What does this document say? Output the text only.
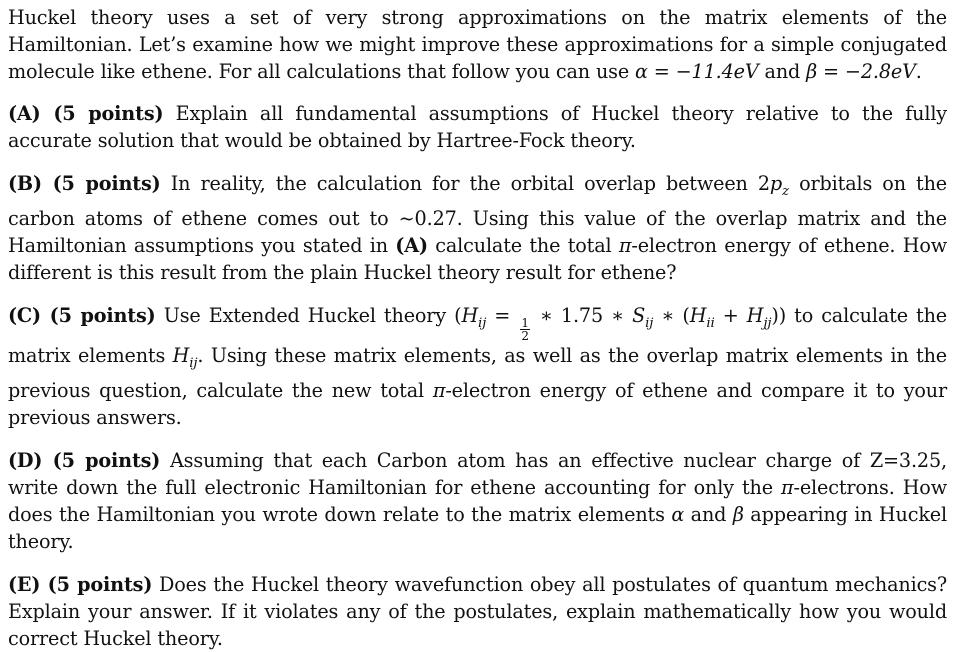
Huckel theory uses a set of very strong approximations on the matrix elements of the Hamiltonian. Let’s examine how we might improve these approximations for a simple conjugated molecule like ethene. For all calculations that follow you can use α = −11.4eV and β = −2.8eV.

(A) (5 points) Explain all fundamental assumptions of Huckel theory relative to the fully accurate solution that would be obtained by Hartree-Fock theory.

(B) (5 points) In reality, the calculation for the orbital overlap between $2p_z$ orbitals on the carbon atoms of ethene comes out to ∼0.27. Using this value of the overlap matrix and the Hamiltonian assumptions you stated in (A) calculate the total π-electron energy of ethene. How different is this result from the plain Huckel theory result for ethene?

(C) (5 points) Use Extended Huckel theory ($H_{ij}$ =
$\frac{1}{2}$
∗ 1.75 ∗ $S_{ij}$ ∗ $(H_{ii} + H_{jj})$) to calculate the matrix elements $H_{ij}$. Using these matrix elements, as well as the overlap matrix elements in the previous question, calculate the new total π-electron energy of ethene and compare it to your previous answers.

(D) (5 points) Assuming that each Carbon atom has an effective nuclear charge of Z=3.25, write down the full electronic Hamiltonian for ethene accounting for only the π-electrons. How does the Hamiltonian you wrote down relate to the matrix elements α and β appearing in Huckel theory.

(E) (5 points) Does the Huckel theory wavefunction obey all postulates of quantum mechanics? Explain your answer. If it violates any of the postulates, explain mathematically how you would correct Huckel theory.
